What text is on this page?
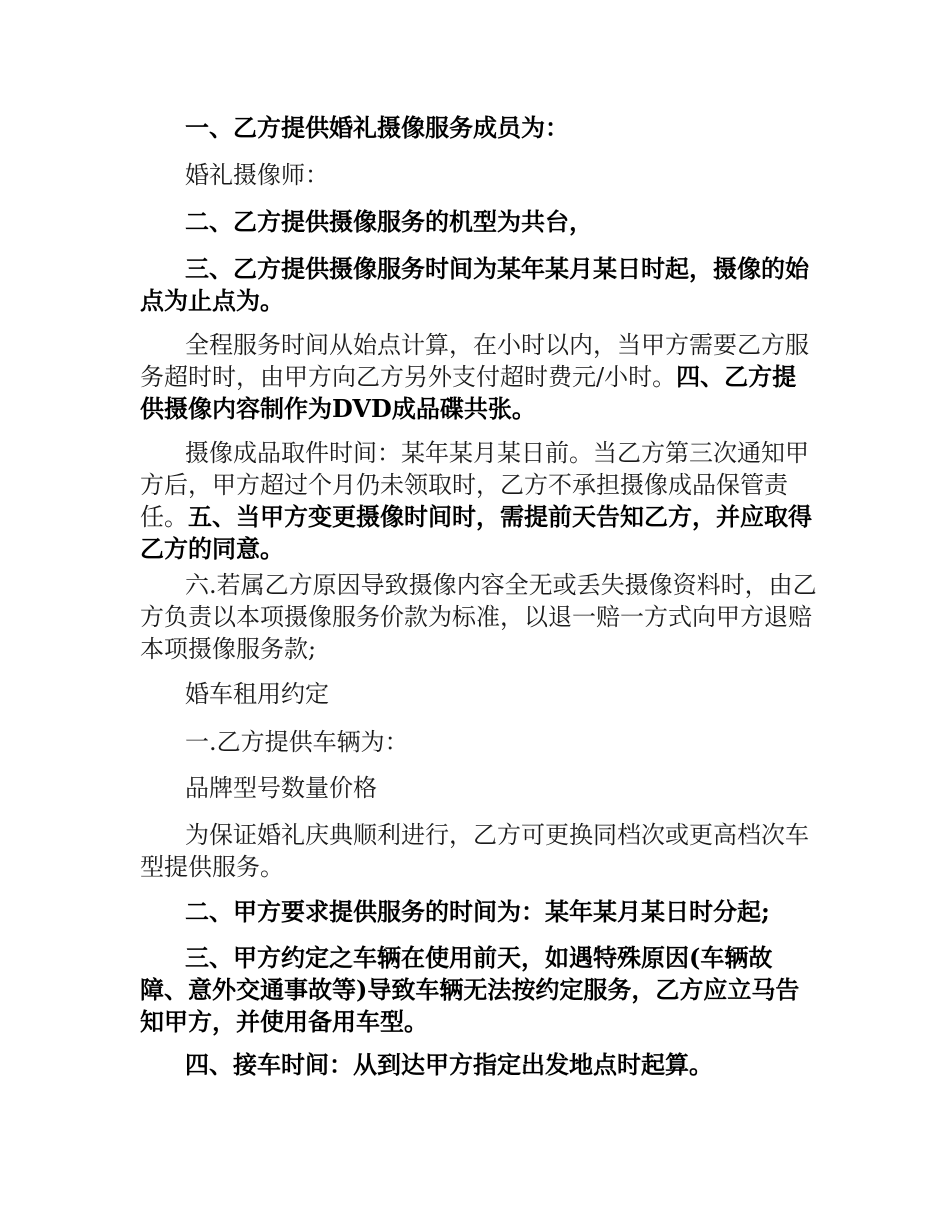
一、乙方提供婚礼摄像服务成员为：

婚礼摄像师：

二、乙方提供摄像服务的机型为共台，

三、乙方提供摄像服务时间为某年某月某日时起，摄像的始点为止点为。

全程服务时间从始点计算，在小时以内，当甲方需要乙方服务超时时，由甲方向乙方另外支付超时费元/小时。四、乙方提供摄像内容制作为DVD成品碟共张。

摄像成品取件时间：某年某月某日前。当乙方第三次通知甲方后，甲方超过个月仍未领取时，乙方不承担摄像成品保管责任。五、当甲方变更摄像时间时，需提前天告知乙方，并应取得乙方的同意。

六.若属乙方原因导致摄像内容全无或丢失摄像资料时，由乙方负责以本项摄像服务价款为标准，以退一赔一方式向甲方退赔本项摄像服务款;

婚车租用约定

一.乙方提供车辆为：

品牌型号数量价格

为保证婚礼庆典顺利进行，乙方可更换同档次或更高档次车型提供服务。

二、甲方要求提供服务的时间为：某年某月某日时分起;

三、甲方约定之车辆在使用前天，如遇特殊原因(车辆故障、意外交通事故等)导致车辆无法按约定服务，乙方应立马告知甲方，并使用备用车型。

四、接车时间：从到达甲方指定出发地点时起算。
